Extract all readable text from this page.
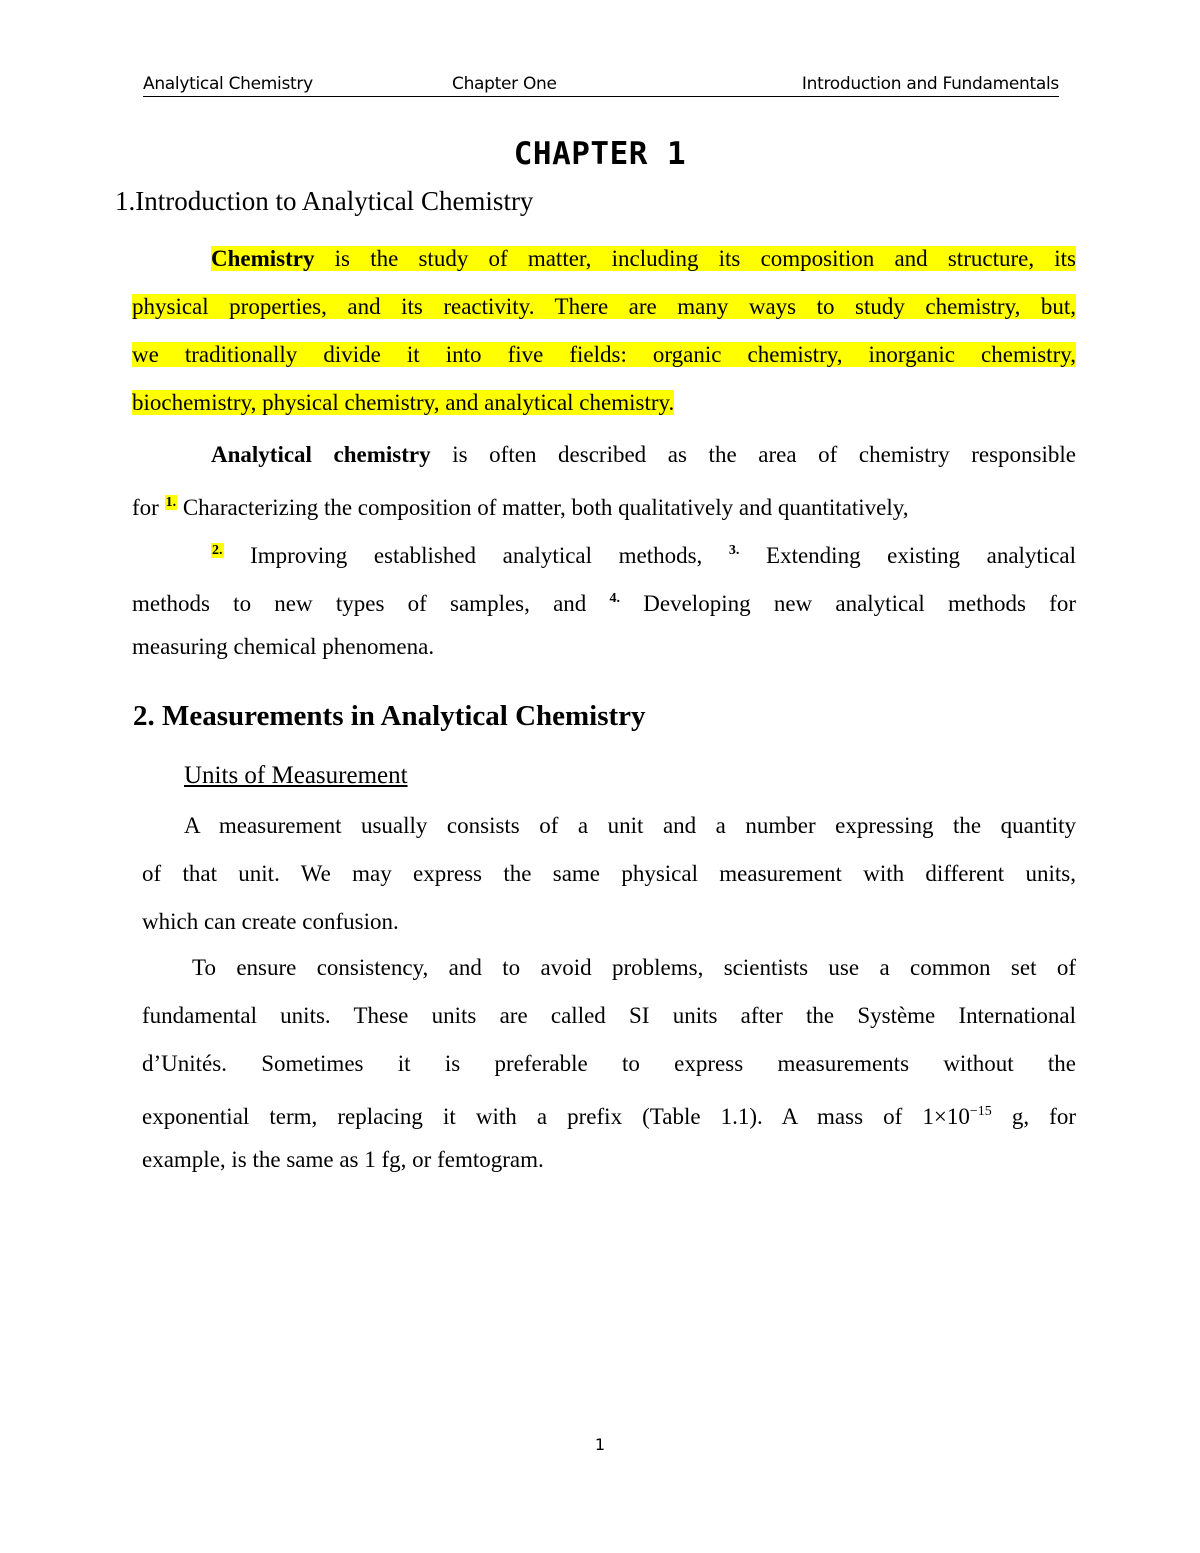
Analytical Chemistry	Chapter One	Introduction and Fundamentals
CHAPTER 1
1.Introduction to Analytical Chemistry
Chemistry is the study of matter, including its composition and structure, its
physical properties, and its reactivity. There are many ways to study chemistry, but,
we traditionally divide it into five fields: organic chemistry, inorganic chemistry,
biochemistry, physical chemistry, and analytical chemistry.
Analytical chemistry is often described as the area of chemistry responsible
for $^{1.}$ Characterizing the composition of matter, both qualitatively and quantitatively,
$^{2.}$ Improving established analytical methods, $^{3.}$ Extending existing analytical
methods to new types of samples, and $^{4.}$ Developing new analytical methods for
measuring chemical phenomena.
2. Measurements in Analytical Chemistry
Units of Measurement
A measurement usually consists of a unit and a number expressing the quantity
of that unit. We may express the same physical measurement with different units,
which can create confusion.
To ensure consistency, and to avoid problems, scientists use a common set of
fundamental units. These units are called SI units after the Système International
d’Unités. Sometimes it is preferable to express measurements without the
exponential term, replacing it with a prefix (Table 1.1). A mass of $1\times 10^{-15}$ g, for
example, is the same as 1 fg, or femtogram.
1
